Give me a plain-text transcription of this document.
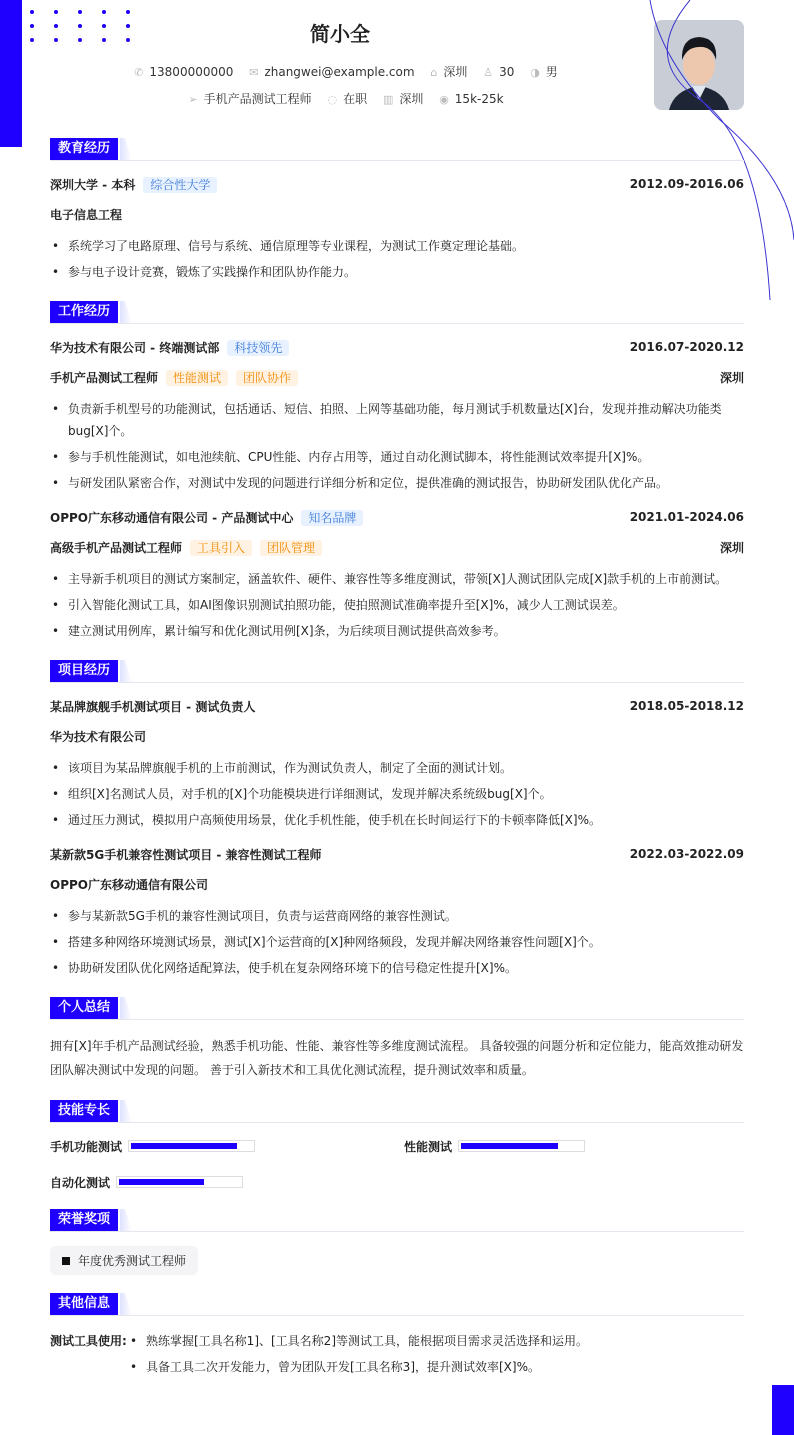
简小全
✆ 13800000000 ✉ zhangwei@example.com ⌂ 深圳 ♙ 30 ◑ 男
➢ 手机产品测试工程师 ◌ 在职 ▥ 深圳 ◉ 15k-25k
教育经历
深圳大学 - 本科 综合性大学	2012.09-2016.06
电子信息工程
• 系统学习了电路原理、信号与系统、通信原理等专业课程，为测试工作奠定理论基础。
• 参与电子设计竞赛，锻炼了实践操作和团队协作能力。
工作经历
华为技术有限公司 - 终端测试部 科技领先	2016.07-2020.12
手机产品测试工程师 性能测试 团队协作	深圳
• 负责新手机型号的功能测试，包括通话、短信、拍照、上网等基础功能，每月测试手机数量达[X]台，发现并推动解决功能类bug[X]个。
• 参与手机性能测试，如电池续航、CPU性能、内存占用等，通过自动化测试脚本，将性能测试效率提升[X]%。
• 与研发团队紧密合作，对测试中发现的问题进行详细分析和定位，提供准确的测试报告，协助研发团队优化产品。
OPPO广东移动通信有限公司 - 产品测试中心 知名品牌	2021.01-2024.06
高级手机产品测试工程师 工具引入 团队管理	深圳
• 主导新手机项目的测试方案制定，涵盖软件、硬件、兼容性等多维度测试，带领[X]人测试团队完成[X]款手机的上市前测试。
• 引入智能化测试工具，如AI图像识别测试拍照功能，使拍照测试准确率提升至[X]%，减少人工测试误差。
• 建立测试用例库，累计编写和优化测试用例[X]条，为后续项目测试提供高效参考。
项目经历
某品牌旗舰手机测试项目 - 测试负责人	2018.05-2018.12
华为技术有限公司
• 该项目为某品牌旗舰手机的上市前测试，作为测试负责人，制定了全面的测试计划。
• 组织[X]名测试人员，对手机的[X]个功能模块进行详细测试，发现并解决系统级bug[X]个。
• 通过压力测试，模拟用户高频使用场景，优化手机性能，使手机在长时间运行下的卡顿率降低[X]%。
某新款5G手机兼容性测试项目 - 兼容性测试工程师	2022.03-2022.09
OPPO广东移动通信有限公司
• 参与某新款5G手机的兼容性测试项目，负责与运营商网络的兼容性测试。
• 搭建多种网络环境测试场景，测试[X]个运营商的[X]种网络频段，发现并解决网络兼容性问题[X]个。
• 协助研发团队优化网络适配算法，使手机在复杂网络环境下的信号稳定性提升[X]%。
个人总结

拥有[X]年手机产品测试经验，熟悉手机功能、性能、兼容性等多维度测试流程。 具备较强的问题分析和定位能力，能高效推动研发团队解决测试中发现的问题。 善于引入新技术和工具优化测试流程，提升测试效率和质量。

技能专长
手机功能测试	性能测试
自动化测试
荣誉奖项
年度优秀测试工程师
其他信息
测试工具使用:	• 熟练掌握[工具名称1]、[工具名称2]等测试工具，能根据项目需求灵活选择和运用。
• 具备工具二次开发能力，曾为团队开发[工具名称3]，提升测试效率[X]%。
